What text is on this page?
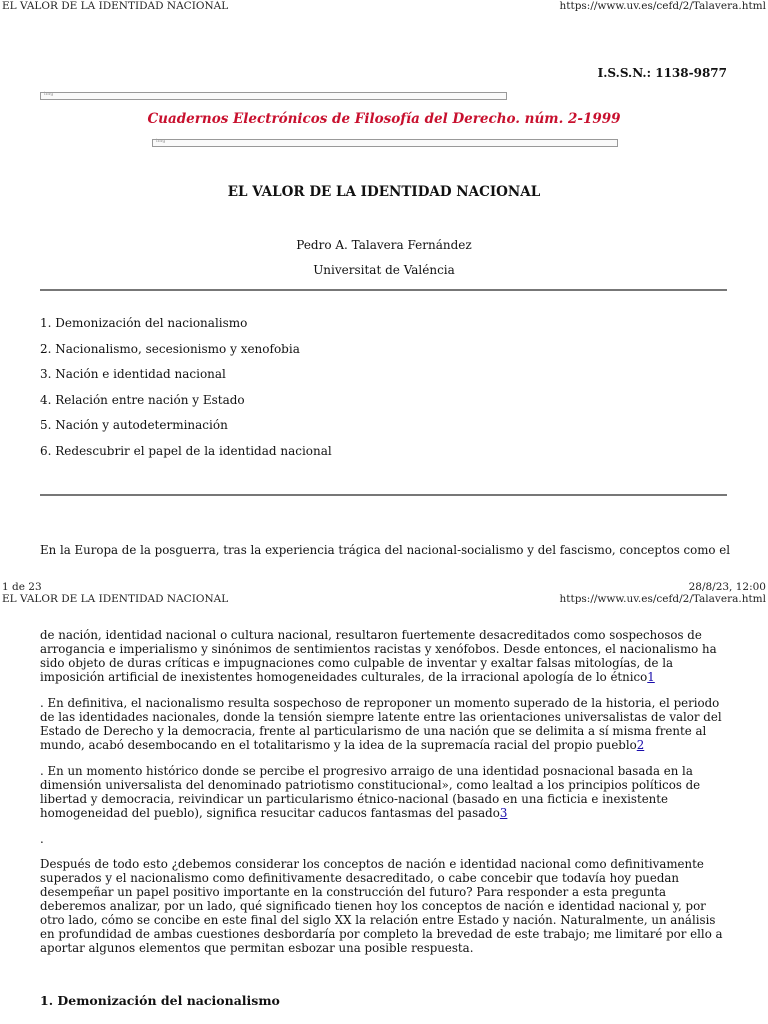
EL VALOR DE LA IDENTIDAD NACIONAL	https://www.uv.es/cefd/2/Talavera.html
I.S.S.N.: 1138-9877
img
Cuadernos Electrónicos de Filosofía del Derecho. núm. 2-1999
img
EL VALOR DE LA IDENTIDAD NACIONAL
Pedro A. Talavera Fernández
Universitat de Valéncia
1. Demonización del nacionalismo
2. Nacionalismo, secesionismo y xenofobia
3. Nación e identidad nacional
4. Relación entre nación y Estado
5. Nación y autodeterminación
6. Redescubrir el papel de la identidad nacional

En la Europa de la posguerra, tras la experiencia trágica del nacional-socialismo y del fascismo, conceptos como el

1 de 23	28/8/23, 12:00
EL VALOR DE LA IDENTIDAD NACIONAL	https://www.uv.es/cefd/2/Talavera.html

de nación, identidad nacional o cultura nacional, resultaron fuertemente desacreditados como sospechosos de arrogancia e imperialismo y sinónimos de sentimientos racistas y xenófobos. Desde entonces, el nacionalismo ha sido objeto de duras críticas e impugnaciones como culpable de inventar y exaltar falsas mitologías, de la imposición artificial de inexistentes homogeneidades culturales, de la irracional apología de lo étnico1

. En definitiva, el nacionalismo resulta sospechoso de reproponer un momento superado de la historia, el periodo de las identidades nacionales, donde la tensión siempre latente entre las orientaciones universalistas de valor del Estado de Derecho y la democracia, frente al particularismo de una nación que se delimita a sí misma frente al mundo, acabó desembocando en el totalitarismo y la idea de la supremacía racial del propio pueblo2

. En un momento histórico donde se percibe el progresivo arraigo de una identidad posnacional basada en la dimensión universalista del denominado patriotismo constitucional», como lealtad a los principios políticos de libertad y democracia, reivindicar un particularismo étnico-nacional (basado en una ficticia e inexistente homogeneidad del pueblo), significa resucitar caducos fantasmas del pasado3

.

Después de todo esto ¿debemos considerar los conceptos de nación e identidad nacional como definitivamente superados y el nacionalismo como definitivamente desacreditado, o cabe concebir que todavía hoy puedan desempeñar un papel positivo importante en la construcción del futuro? Para responder a esta pregunta deberemos analizar, por un lado, qué significado tienen hoy los conceptos de nación e identidad nacional y, por otro lado, cómo se concibe en este final del siglo XX la relación entre Estado y nación. Naturalmente, un análisis en profundidad de ambas cuestiones desbordaría por completo la brevedad de este trabajo; me limitaré por ello a aportar algunos elementos que permitan esbozar una posible respuesta.

1. Demonización del nacionalismo
